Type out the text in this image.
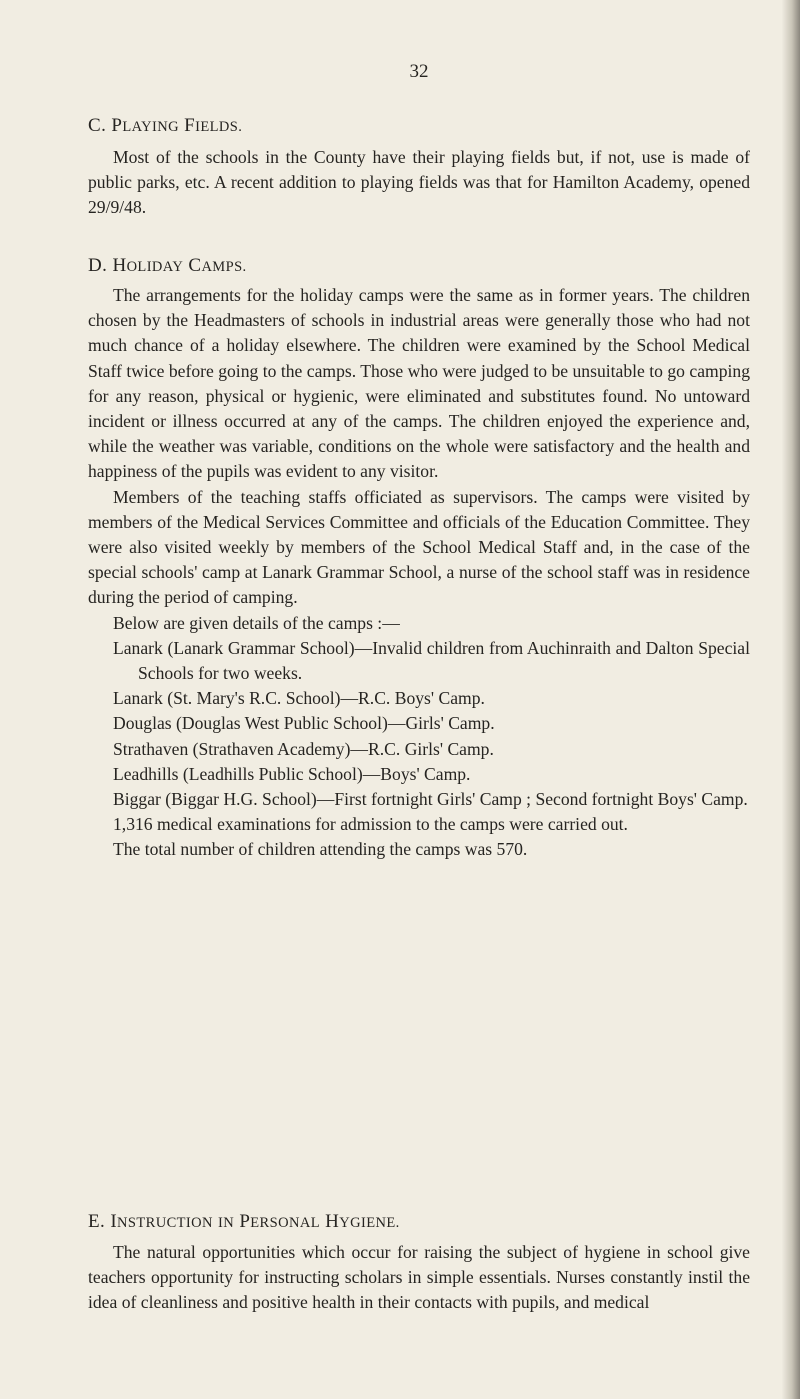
32
C. PLAYING FIELDS.

Most of the schools in the County have their playing fields but, if not, use is made of public parks, etc. A recent addition to playing fields was that for Hamilton Academy, opened 29/9/48.

D. HOLIDAY CAMPS.

The arrangements for the holiday camps were the same as in former years. The children chosen by the Headmasters of schools in industrial areas were generally those who had not much chance of a holiday elsewhere. The children were examined by the School Medical Staff twice before going to the camps. Those who were judged to be unsuitable to go camping for any reason, physical or hygienic, were eliminated and substitutes found. No untoward incident or illness occurred at any of the camps. The children enjoyed the experience and, while the weather was variable, conditions on the whole were satisfactory and the health and happiness of the pupils was evident to any visitor.

Members of the teaching staffs officiated as supervisors. The camps were visited by members of the Medical Services Committee and officials of the Education Committee. They were also visited weekly by members of the School Medical Staff and, in the case of the special schools' camp at Lanark Grammar School, a nurse of the school staff was in residence during the period of camping.

Below are given details of the camps :—

Lanark (Lanark Grammar School)—Invalid children from Auchinraith and Dalton Special Schools for two weeks.

Lanark (St. Mary's R.C. School)—R.C. Boys' Camp.

Douglas (Douglas West Public School)—Girls' Camp.

Strathaven (Strathaven Academy)—R.C. Girls' Camp.

Leadhills (Leadhills Public School)—Boys' Camp.

Biggar (Biggar H.G. School)—First fortnight Girls' Camp ; Second fortnight Boys' Camp.

1,316 medical examinations for admission to the camps were carried out.

The total number of children attending the camps was 570.

E. INSTRUCTION IN PERSONAL HYGIENE.

The natural opportunities which occur for raising the subject of hygiene in school give teachers opportunity for instructing scholars in simple essentials. Nurses constantly instil the idea of cleanliness and positive health in their contacts with pupils, and medical
